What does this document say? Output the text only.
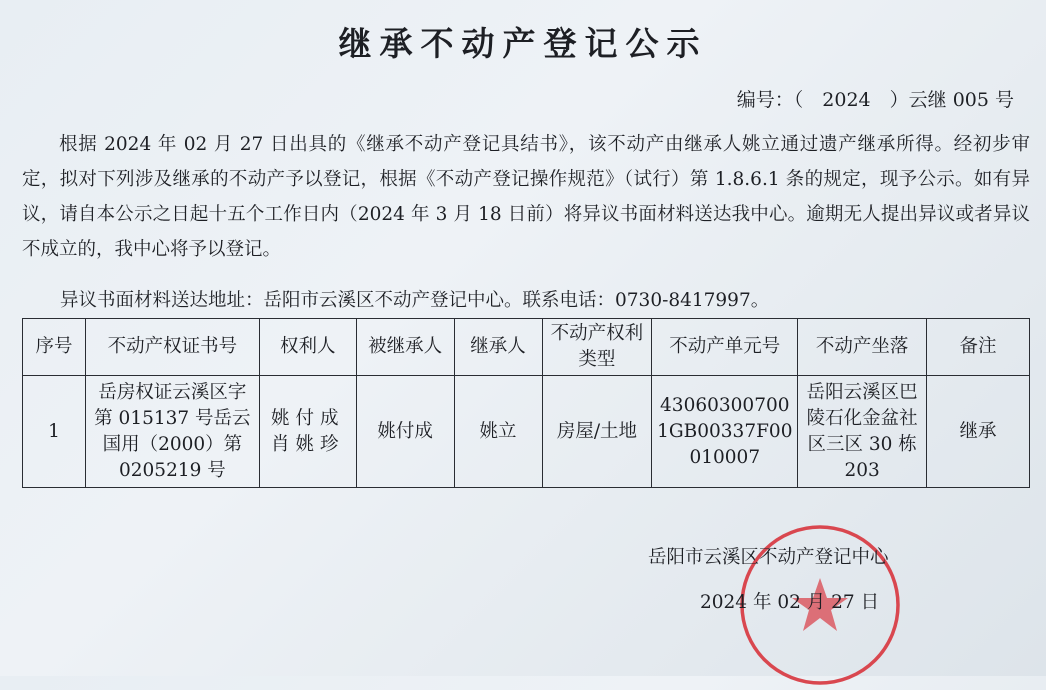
继承不动产登记公示
编号：（　2024　）云继 005 号

根据 2024 年 02 月 27 日出具的《继承不动产登记具结书》，该不动产由继承人姚立通过遗产继承所得。经初步审定，拟对下列涉及继承的不动产予以登记，根据《不动产登记操作规范》（试行）第 1.8.6.1 条的规定，现予公示。如有异议，请自本公示之日起十五个工作日内（2024 年 3 月 18 日前）将异议书面材料送达我中心。逾期无人提出异议或者异议不成立的，我中心将予以登记。

异议书面材料送达地址：岳阳市云溪区不动产登记中心。联系电话：0730-8417997。
序号	不动产权证书号	权利人	被继承人	继承人	不动产权利类型	不动产单元号	不动产坐落	备注
1	岳房权证云溪区字第 015137 号岳云国用（2000）第 0205219 号	姚付成肖姚珍	姚付成	姚立	房屋/土地	430603007001GB00337F00010007	岳阳云溪区巴陵石化金盆社区三区 30 栋 203	继承
岳阳市云溪区不动产登记中心
2024 年 02 月 27 日
